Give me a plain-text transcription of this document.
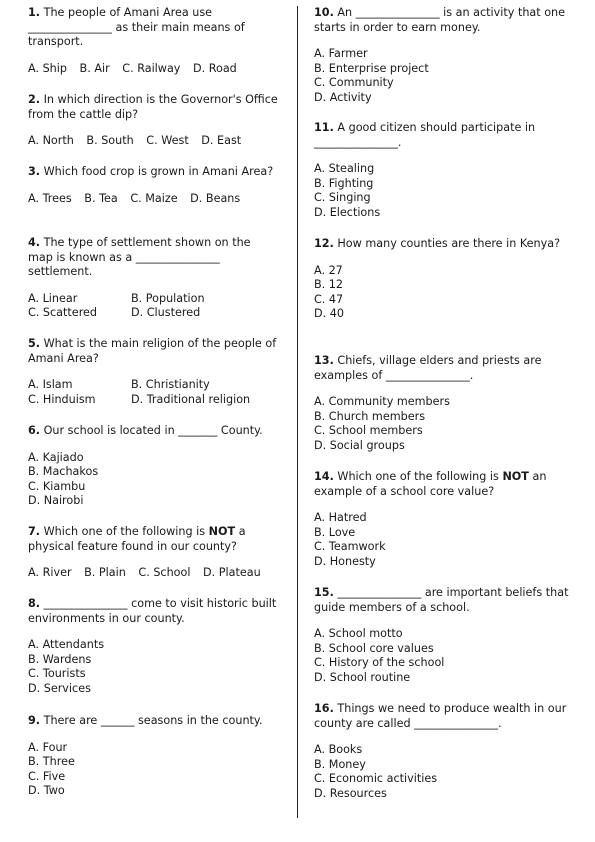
1. The people of Amani Area use _______________ as their main means of transport.

A. Ship B. Air C. Railway D. Road

2. In which direction is the Governor's Office from the cattle dip?

A. North B. South C. West D. East

3. Which food crop is grown in Amani Area?

A. Trees B. Tea C. Maize D. Beans

4. The type of settlement shown on the map is known as a _______________ settlement.

A. Linear	B. Population
C. Scattered	D. Clustered

5. What is the main religion of the people of Amani Area?

A. Islam	B. Christianity
C. Hinduism	D. Traditional religion

6. Our school is located in _______ County.

A. Kajiado
B. Machakos
C. Kiambu
D. Nairobi

7. Which one of the following is NOT a physical feature found in our county?

A. River B. Plain C. School D. Plateau

8. _______________ come to visit historic built environments in our county.

A. Attendants
B. Wardens
C. Tourists
D. Services

9. There are ______ seasons in the county.

A. Four
B. Three
C. Five
D. Two

10. An _______________ is an activity that one starts in order to earn money.

A. Farmer
B. Enterprise project
C. Community
D. Activity

11. A good citizen should participate in _______________.

A. Stealing
B. Fighting
C. Singing
D. Elections

12. How many counties are there in Kenya?

A. 27
B. 12
C. 47
D. 40

13. Chiefs, village elders and priests are examples of _______________.

A. Community members
B. Church members
C. School members
D. Social groups

14. Which one of the following is NOT an example of a school core value?

A. Hatred
B. Love
C. Teamwork
D. Honesty

15. _______________ are important beliefs that guide members of a school.

A. School motto
B. School core values
C. History of the school
D. School routine

16. Things we need to produce wealth in our county are called _______________.

A. Books
B. Money
C. Economic activities
D. Resources
